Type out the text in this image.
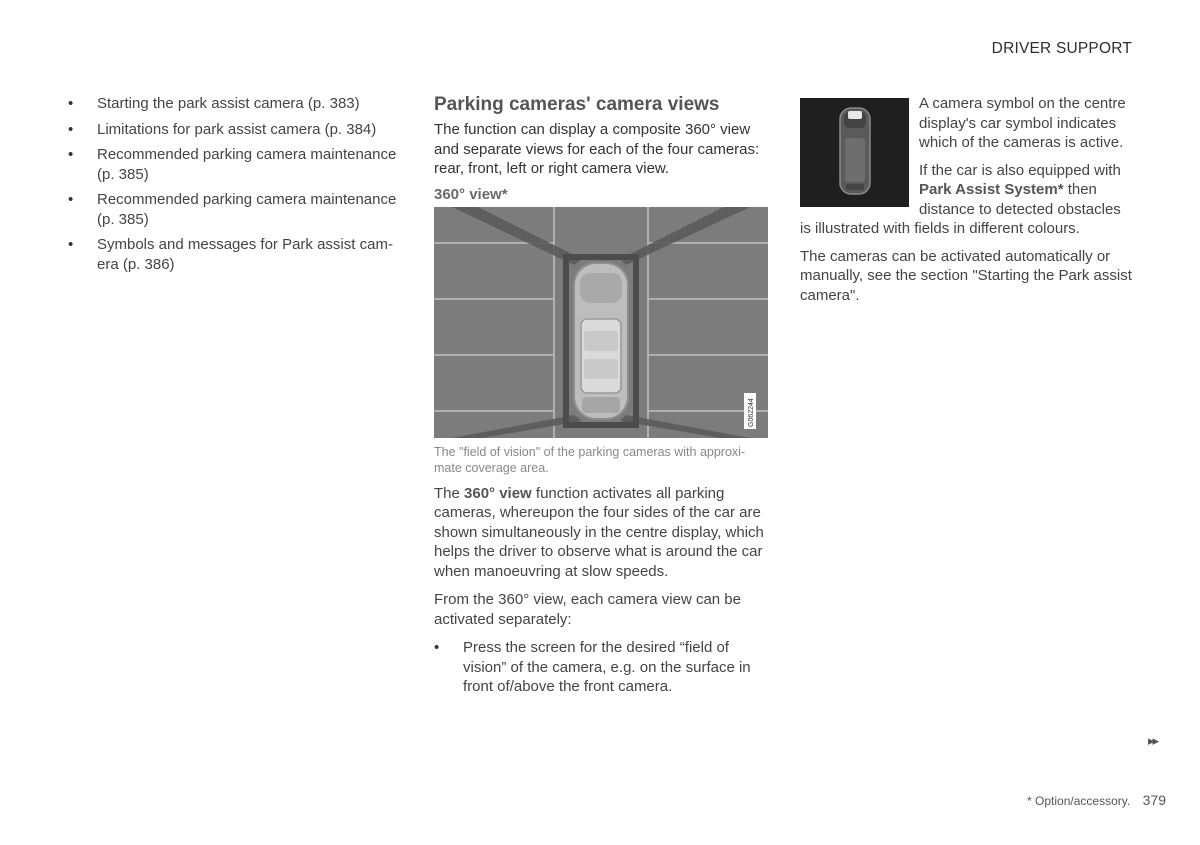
DRIVER SUPPORT
• Starting the park assist camera (p. 383)
• Limitations for park assist camera (p. 384)
• Recommended parking camera maintenance (p. 385)
• Recommended parking camera maintenance (p. 385)
• Symbols and messages for Park assist camera (p. 386)
Parking cameras' camera views

The function can display a composite 360° view and separate views for each of the four cameras: rear, front, left or right camera view.

360° view*
G062244
The "field of vision" of the parking cameras with approximate coverage area.

The 360° view function activates all parking cameras, whereupon the four sides of the car are shown simultaneously in the centre display, which helps the driver to observe what is around the car when manoeuvring at slow speeds.

From the 360° view, each camera view can be activated separately:

• Press the screen for the desired “field of vision” of the camera, e.g. on the surface in front of/above the front camera.

A camera symbol on the centre display's car symbol indicates which of the cameras is active.

If the car is also equipped with Park Assist System* then distance to detected obstacles is illustrated with fields in different colours.

The cameras can be activated automatically or manually, see the section "Starting the Park assist camera".

▸▸
* Option/accessory. 379
